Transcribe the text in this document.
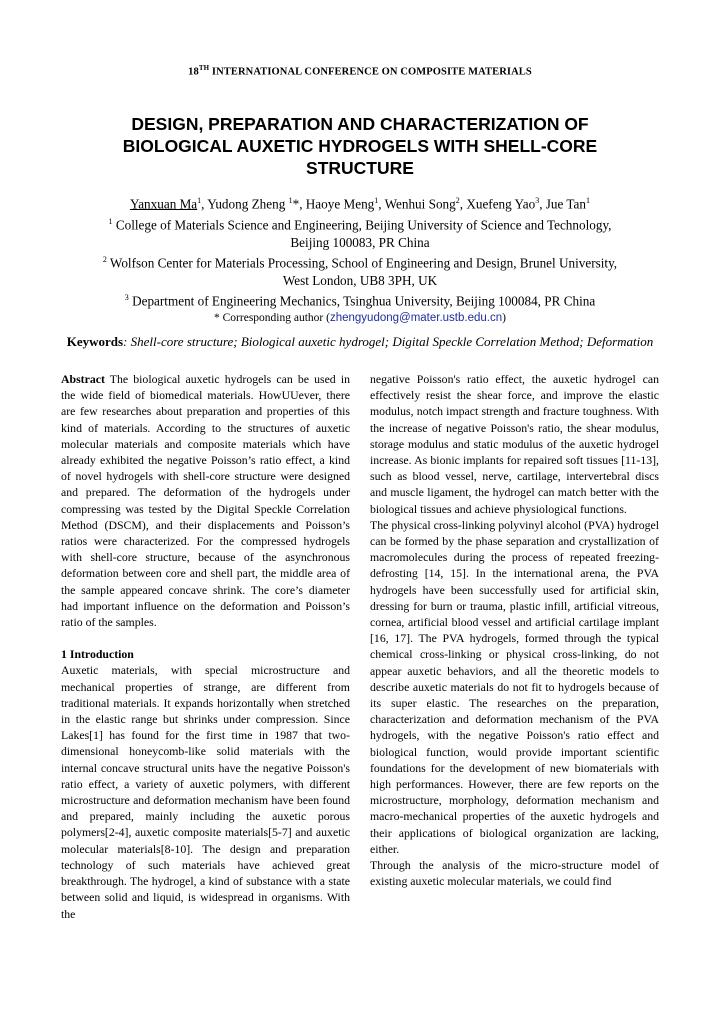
18TH INTERNATIONAL CONFERENCE ON COMPOSITE MATERIALS
DESIGN, PREPARATION AND CHARACTERIZATION OF
BIOLOGICAL AUXETIC HYDROGELS WITH SHELL-CORE
STRUCTURE
Yanxuan Ma$^1$, Yudong Zheng $^1$*, Haoye Meng$^1$, Wenhui Song$^2$, Xuefeng Yao$^3$, Jue Tan$^1$
$^1$ College of Materials Science and Engineering, Beijing University of Science and Technology,
Beijing 100083, PR China
$^2$ Wolfson Center for Materials Processing, School of Engineering and Design, Brunel University,
West London, UB8 3PH, UK
$^3$ Department of Engineering Mechanics, Tsinghua University, Beijing 100084, PR China
* Corresponding author (zhengyudong@mater.ustb.edu.cn)
Keywords: Shell-core structure; Biological auxetic hydrogel; Digital Speckle Correlation Method; Deformation

Abstract The biological auxetic hydrogels can be used in the wide field of biomedical materials. HowUUever, there are few researches about preparation and properties of this kind of materials. According to the structures of auxetic molecular materials and composite materials which have already exhibited the negative Poisson’s ratio effect, a kind of novel hydrogels with shell-core structure were designed and prepared. The deformation of the hydrogels under compressing was tested by the Digital Speckle Correlation Method (DSCM), and their displacements and Poisson’s ratios were characterized. For the compressed hydrogels with shell-core structure, because of the asynchronous deformation between core and shell part, the middle area of the sample appeared concave shrink. The core’s diameter had important influence on the deformation and Poisson’s ratio of the samples.

1 Introduction

Auxetic materials, with special microstructure and mechanical properties of strange, are different from traditional materials. It expands horizontally when stretched in the elastic range but shrinks under compression. Since Lakes[1] has found for the first time in 1987 that two-dimensional honeycomb-like solid materials with the internal concave structural units have the negative Poisson's ratio effect, a variety of auxetic polymers, with different microstructure and deformation mechanism have been found and prepared, mainly including the auxetic porous polymers[2-4], auxetic composite materials[5-7] and auxetic molecular materials[8-10]. The design and preparation technology of such materials have achieved great breakthrough. The hydrogel, a kind of substance with a state between solid and liquid, is widespread in organisms. With the

negative Poisson's ratio effect, the auxetic hydrogel can effectively resist the shear force, and improve the elastic modulus, notch impact strength and fracture toughness. With the increase of negative Poisson's ratio, the shear modulus, storage modulus and static modulus of the auxetic hydrogel increase. As bionic implants for repaired soft tissues [11-13], such as blood vessel, nerve, cartilage, intervertebral discs and muscle ligament, the hydrogel can match better with the biological tissues and achieve physiological functions.

The physical cross-linking polyvinyl alcohol (PVA) hydrogel can be formed by the phase separation and crystallization of macromolecules during the process of repeated freezing-defrosting [14, 15]. In the international arena, the PVA hydrogels have been successfully used for artificial skin, dressing for burn or trauma, plastic infill, artificial vitreous, cornea, artificial blood vessel and artificial cartilage implant [16, 17]. The PVA hydrogels, formed through the typical chemical cross-linking or physical cross-linking, do not appear auxetic behaviors, and all the theoretic models to describe auxetic materials do not fit to hydrogels because of its super elastic. The researches on the preparation, characterization and deformation mechanism of the PVA hydrogels, with the negative Poisson's ratio effect and biological function, would provide important scientific foundations for the development of new biomaterials with high performances. However, there are few reports on the microstructure, morphology, deformation mechanism and macro-mechanical properties of the auxetic hydrogels and their applications of biological organization are lacking, either.

Through the analysis of the micro-structure model of existing auxetic molecular materials, we could find
